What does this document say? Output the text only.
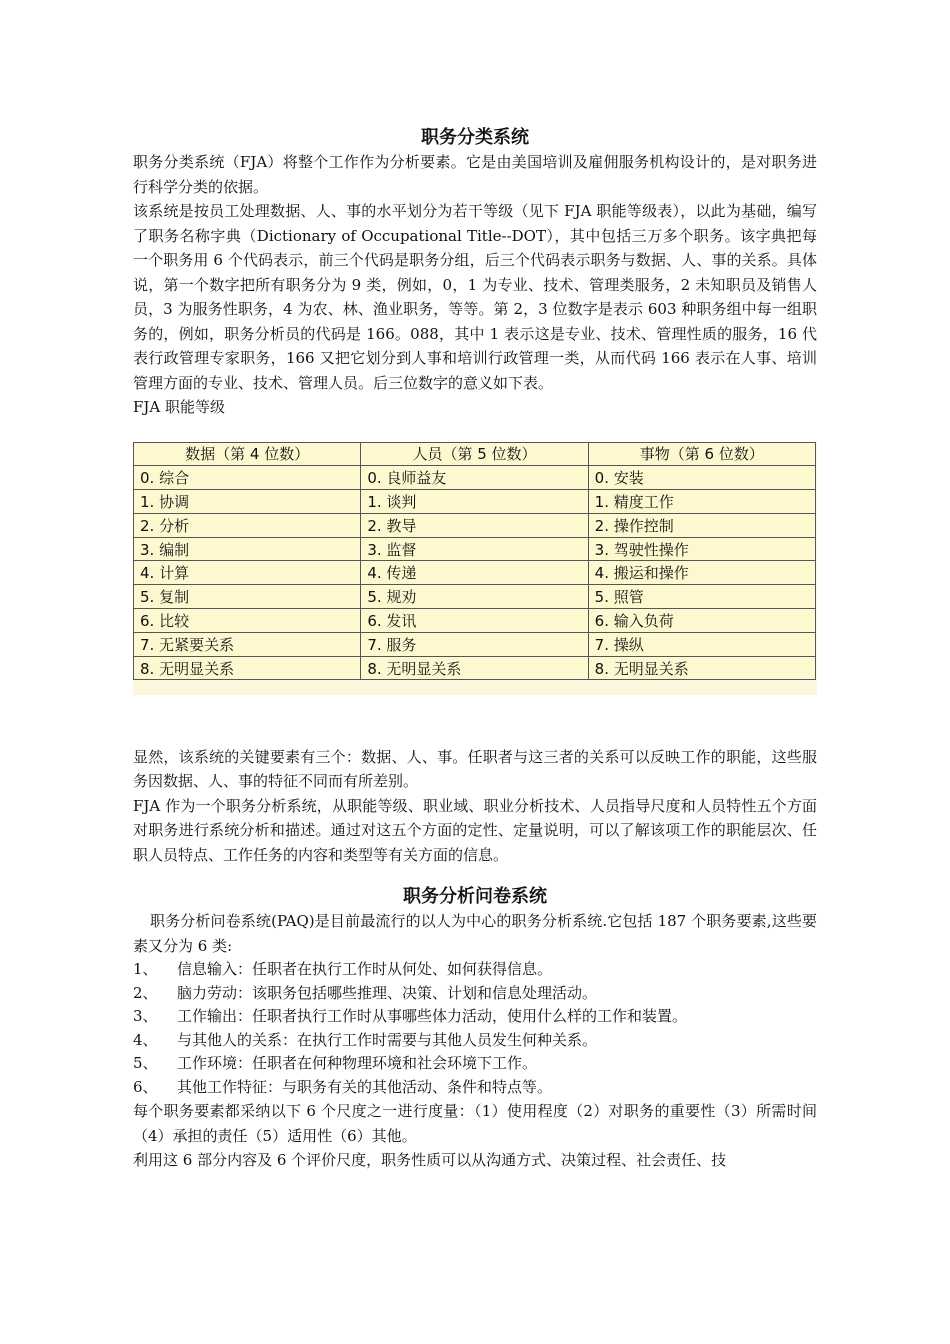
职务分类系统

职务分类系统（FJA）将整个工作作为分析要素。它是由美国培训及雇佣服务机构设计的，是对职务进行科学分类的依据。

该系统是按员工处理数据、人、事的水平划分为若干等级（见下 FJA 职能等级表），以此为基础，编写了职务名称字典（Dictionary of Occupational Title--DOT），其中包括三万多个职务。该字典把每一个职务用 6 个代码表示，前三个代码是职务分组，后三个代码表示职务与数据、人、事的关系。具体说，第一个数字把所有职务分为 9 类，例如，0，1 为专业、技术、管理类服务，2 未知职员及销售人员，3 为服务性职务，4 为农、林、渔业职务，等等。第 2，3 位数字是表示 603 种职务组中每一组职务的，例如，职务分析员的代码是 166。088，其中 1 表示这是专业、技术、管理性质的服务，16 代表行政管理专家职务，166 又把它划分到人事和培训行政管理一类，从而代码 166 表示在人事、培训管理方面的专业、技术、管理人员。后三位数字的意义如下表。

FJA 职能等级

数据（第 4 位数）	人员（第 5 位数）	事物（第 6 位数）
0. 综合	0. 良师益友	0. 安装
1. 协调	1. 谈判	1. 精度工作
2. 分析	2. 教导	2. 操作控制
3. 编制	3. 监督	3. 驾驶性操作
4. 计算	4. 传递	4. 搬运和操作
5. 复制	5. 规劝	5. 照管
6. 比较	6. 发讯	6. 输入负荷
7. 无紧要关系	7. 服务	7. 操纵
8. 无明显关系	8. 无明显关系	8. 无明显关系

显然，该系统的关键要素有三个：数据、人、事。任职者与这三者的关系可以反映工作的职能，这些服务因数据、人、事的特征不同而有所差别。

FJA 作为一个职务分析系统，从职能等级、职业域、职业分析技术、人员指导尺度和人员特性五个方面对职务进行系统分析和描述。通过对这五个方面的定性、定量说明，可以了解该项工作的职能层次、任职人员特点、工作任务的内容和类型等有关方面的信息。

职务分析问卷系统

职务分析问卷系统(PAQ)是目前最流行的以人为中心的职务分析系统.它包括 187 个职务要素,这些要素又分为 6 类:

1、	信息输入：任职者在执行工作时从何处、如何获得信息。
2、	脑力劳动：该职务包括哪些推理、决策、计划和信息处理活动。
3、	工作输出：任职者执行工作时从事哪些体力活动，使用什么样的工作和装置。
4、	与其他人的关系：在执行工作时需要与其他人员发生何种关系。
5、	工作环境：任职者在何种物理环境和社会环境下工作。
6、	其他工作特征：与职务有关的其他活动、条件和特点等。

每个职务要素都采纳以下 6 个尺度之一进行度量：（1）使用程度（2）对职务的重要性（3）所需时间（4）承担的责任（5）适用性（6）其他。

利用这 6 部分内容及 6 个评价尺度，职务性质可以从沟通方式、决策过程、社会责任、技
